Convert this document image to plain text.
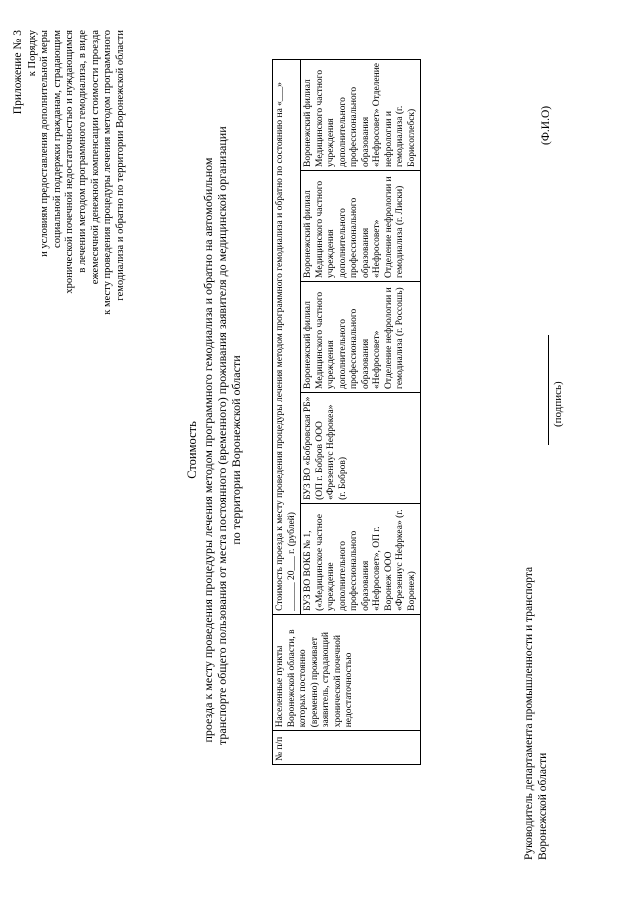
Приложение № 3 к Порядку и условиям предоставления дополнительной меры социальной поддержки гражданам, страдающим хронической почечной недостаточностью и нуждающимся в лечении методом программного гемодиализа, в виде ежемесячной денежной компенсации стоимости проезда к месту проведения процедуры лечения методом программного гемодиализа и обратно по территории Воронежской области
Стоимость проезда к месту проведения процедуры лечения методом программного гемодиализа и обратно на автомобильном транспорте общего пользования от места постоянного (временного) проживания заявителя до медицинской организации по территории Воронежской области
№ п/п	Населенные пункты Воронежской области, в которых постоянно (временно) проживает заявитель, страдающий хронической почечной недостаточностью	Стоимость проезда к месту проведения процедуры лечения методом программного гемодиализа и обратно по состоянию на «___» ______ 20___ г. (рублей)				
		БУЗ ВО ВОКБ № 1, («Медицинское частное учреждение дополнительного профессионального образования «Нефросовет», ОП г. Воронеж ООО «Фрезениус Нефркеа» (г. Воронеж)	БУЗ ВО «Бобровская РБ» (ОП г. Бобров ООО «Фрезениус Нефрокеа» (г. Бобров)	Воронежский филиал Медицинского частного учреждения дополнительного профессионального образования «Нефросовет» Отделение нефрологии и гемодиализа (г. Россошь)	Воронежский филиал Медицинского частного учреждения дополнительного профессионального образования «Нефросовет» Отделение нефрологии и гемодиализа (г. Лиски)	Воронежский филиал Медицинского частного учреждения дополнительного профессионального образования «Нефросовет» Отделение нефрологии и гемодиализа (г. Борисоглебск)
Руководитель департамента промышленности и транспорта Воронежской области
(подпись)
(Ф.И.О)
